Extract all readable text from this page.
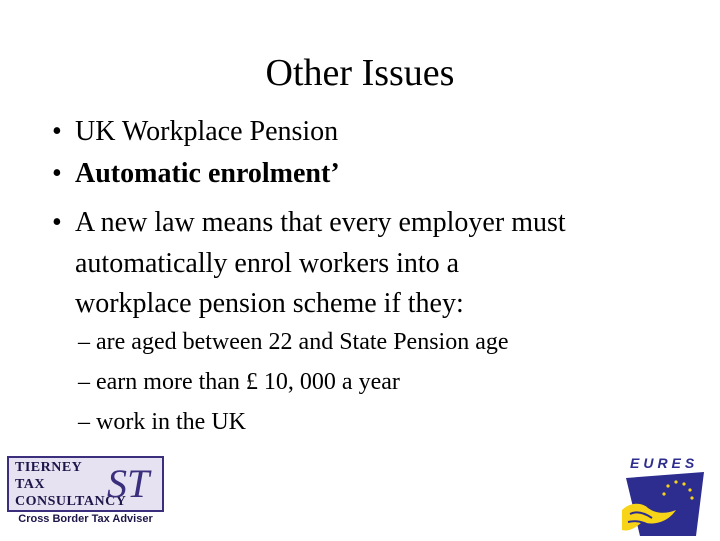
Other Issues
• UK Workplace Pension
• Automatic enrolment’
• A new law means that every employer must
automatically enrol workers into a
workplace pension scheme if they:
– are aged between 22 and State Pension age
– earn more than £ 10, 000 a year
– work in the UK
TIERNEY
TAX
CONSULTANCY
ST
Cross Border Tax Adviser
EURES
